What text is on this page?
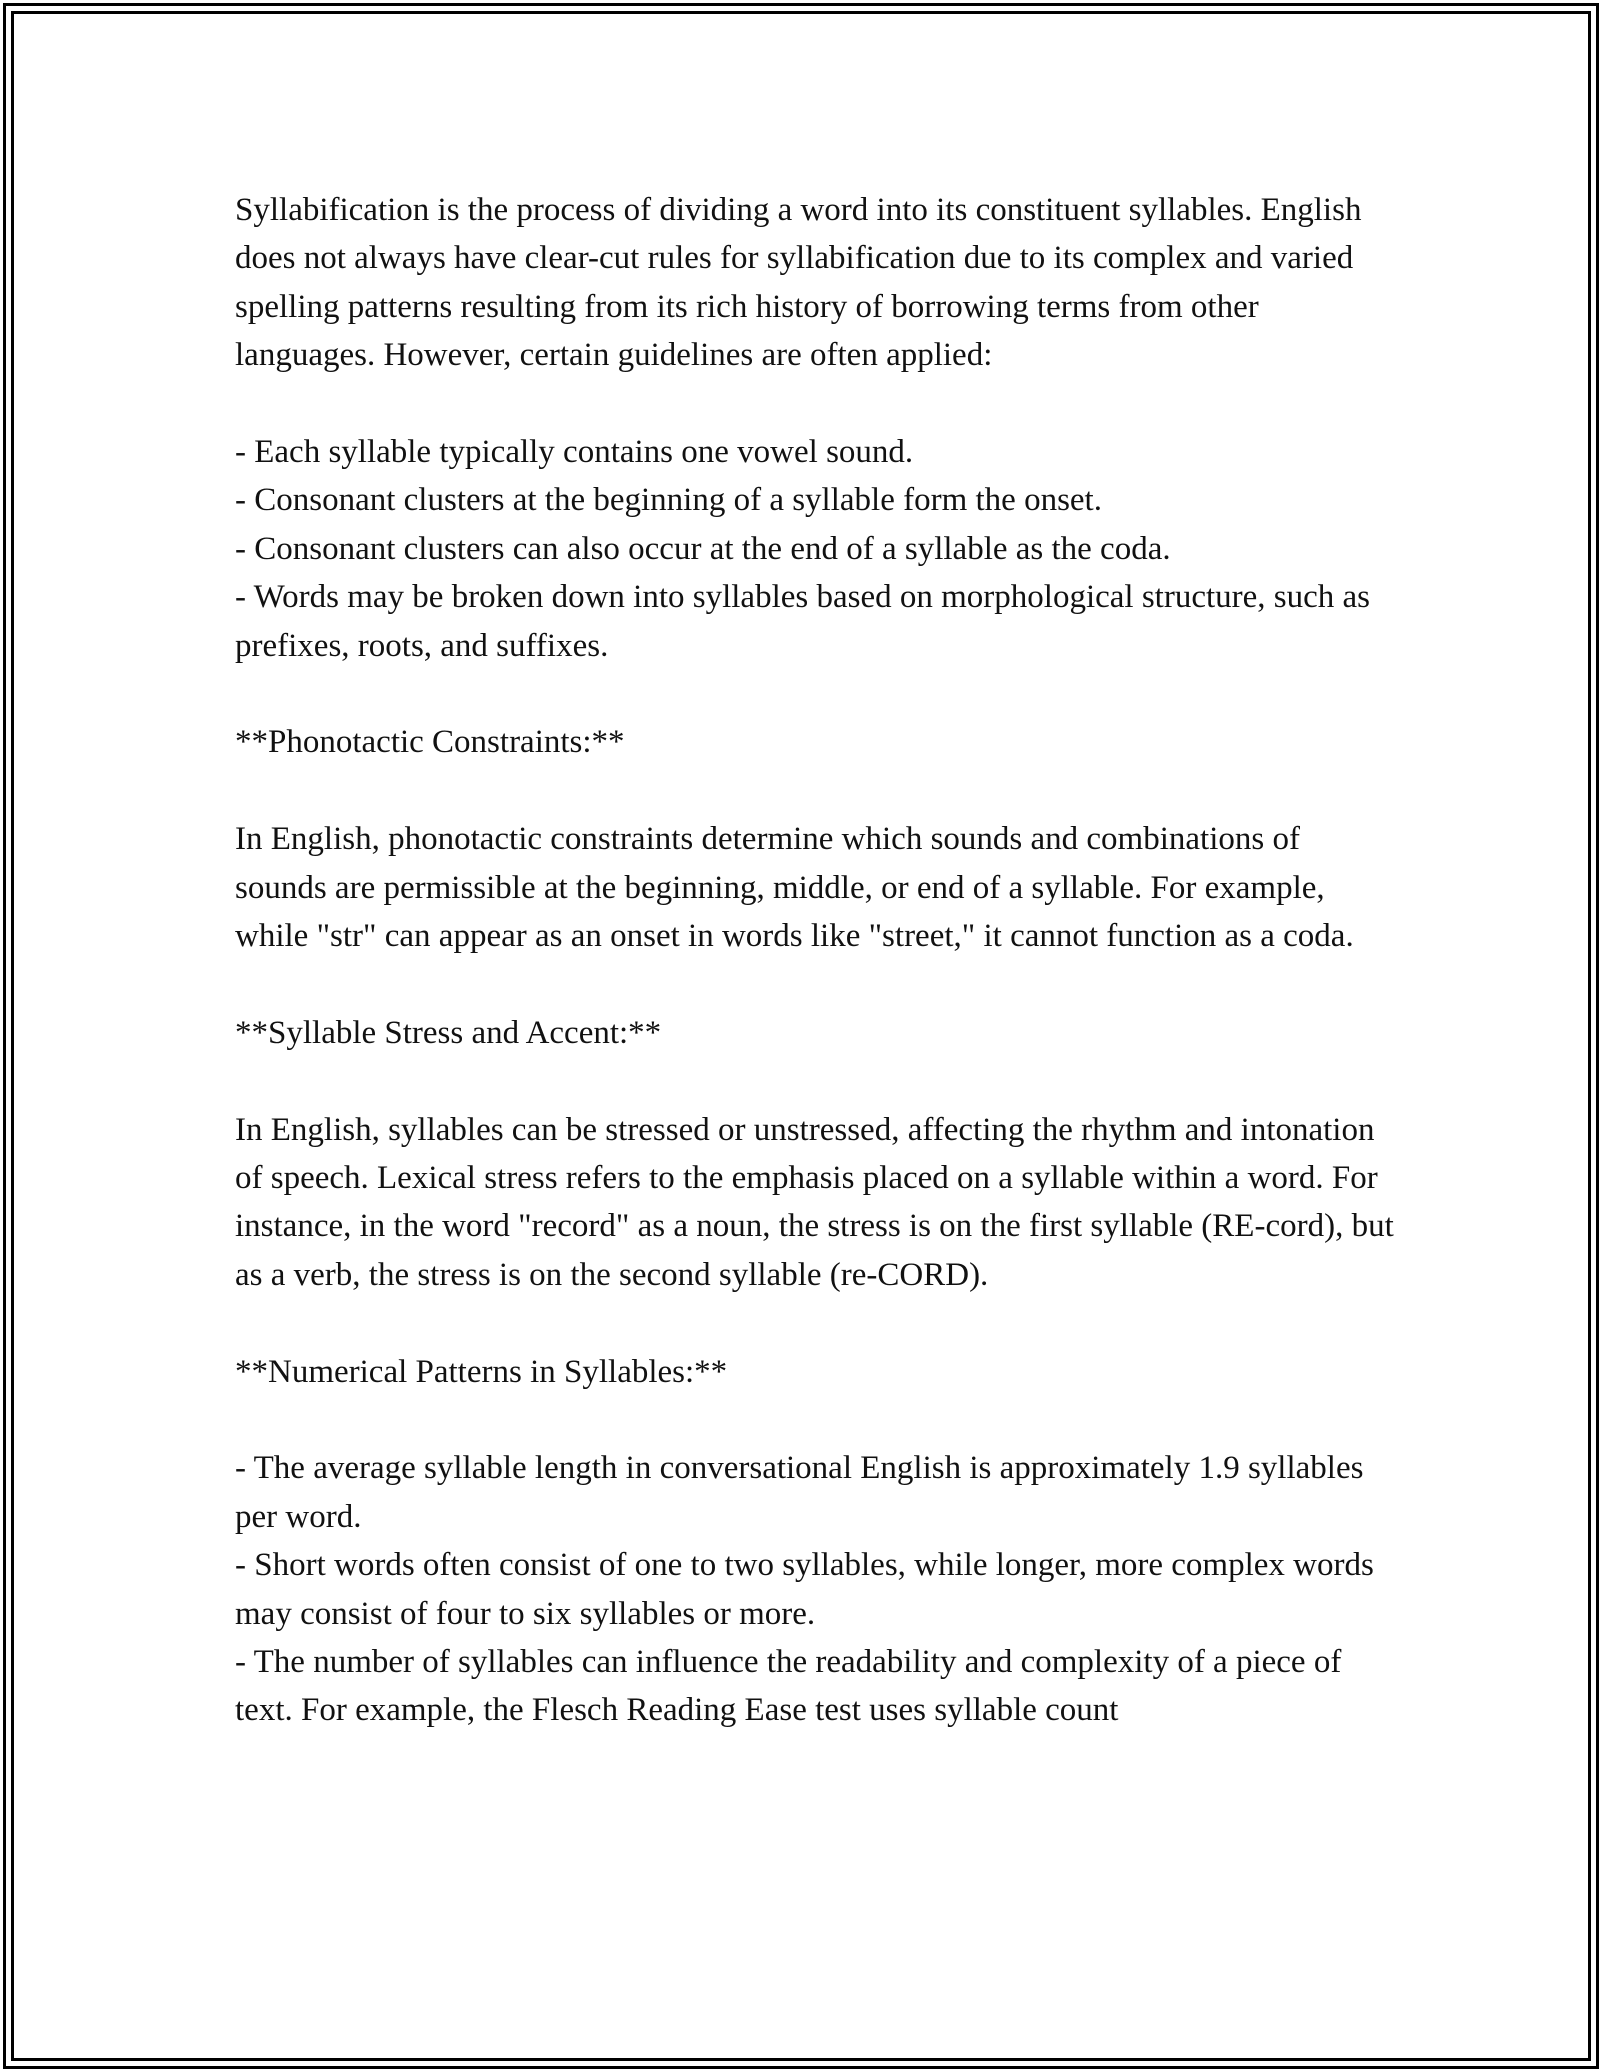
Syllabification is the process of dividing a word into its constituent syllables. English does not always have clear-cut rules for syllabification due to its complex and varied spelling patterns resulting from its rich history of borrowing terms from other languages. However, certain guidelines are often applied:

- Each syllable typically contains one vowel sound.

- Consonant clusters at the beginning of a syllable form the onset.

- Consonant clusters can also occur at the end of a syllable as the coda.

- Words may be broken down into syllables based on morphological structure, such as prefixes, roots, and suffixes.

**Phonotactic Constraints:**

In English, phonotactic constraints determine which sounds and combinations of sounds are permissible at the beginning, middle, or end of a syllable. For example, while "str" can appear as an onset in words like "street," it cannot function as a coda.

**Syllable Stress and Accent:**

In English, syllables can be stressed or unstressed, affecting the rhythm and intonation of speech. Lexical stress refers to the emphasis placed on a syllable within a word. For instance, in the word "record" as a noun, the stress is on the first syllable (RE-cord), but as a verb, the stress is on the second syllable (re-CORD).

**Numerical Patterns in Syllables:**

- The average syllable length in conversational English is approximately 1.9 syllables per word.

- Short words often consist of one to two syllables, while longer, more complex words may consist of four to six syllables or more.

- The number of syllables can influence the readability and complexity of a piece of text. For example, the Flesch Reading Ease test uses syllable count
